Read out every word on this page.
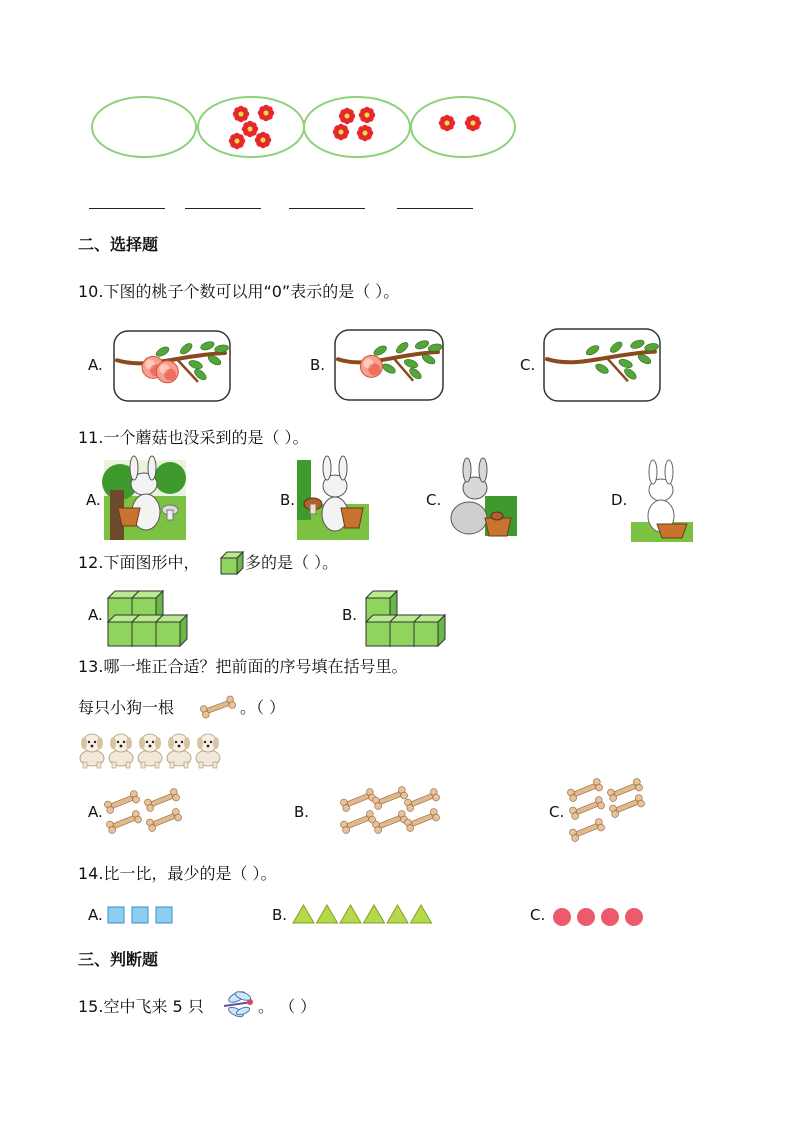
二、选择题
10.下图的桃子个数可以用“0”表示的是（ ）。
A.	B.	C.
11.一个蘑菇也没采到的是（ ）。
A.	B.	C.	D.
12.下面图形中，	多的是（ ）。
A.	B.
13.哪一堆正合适？把前面的序号填在括号里。
每只小狗一根	。（ ）
A.	B.	C.
14.比一比，最少的是（ ）。
A.	B.	C.
三、判断题
15.空中飞来 5 只	。 （ ）
